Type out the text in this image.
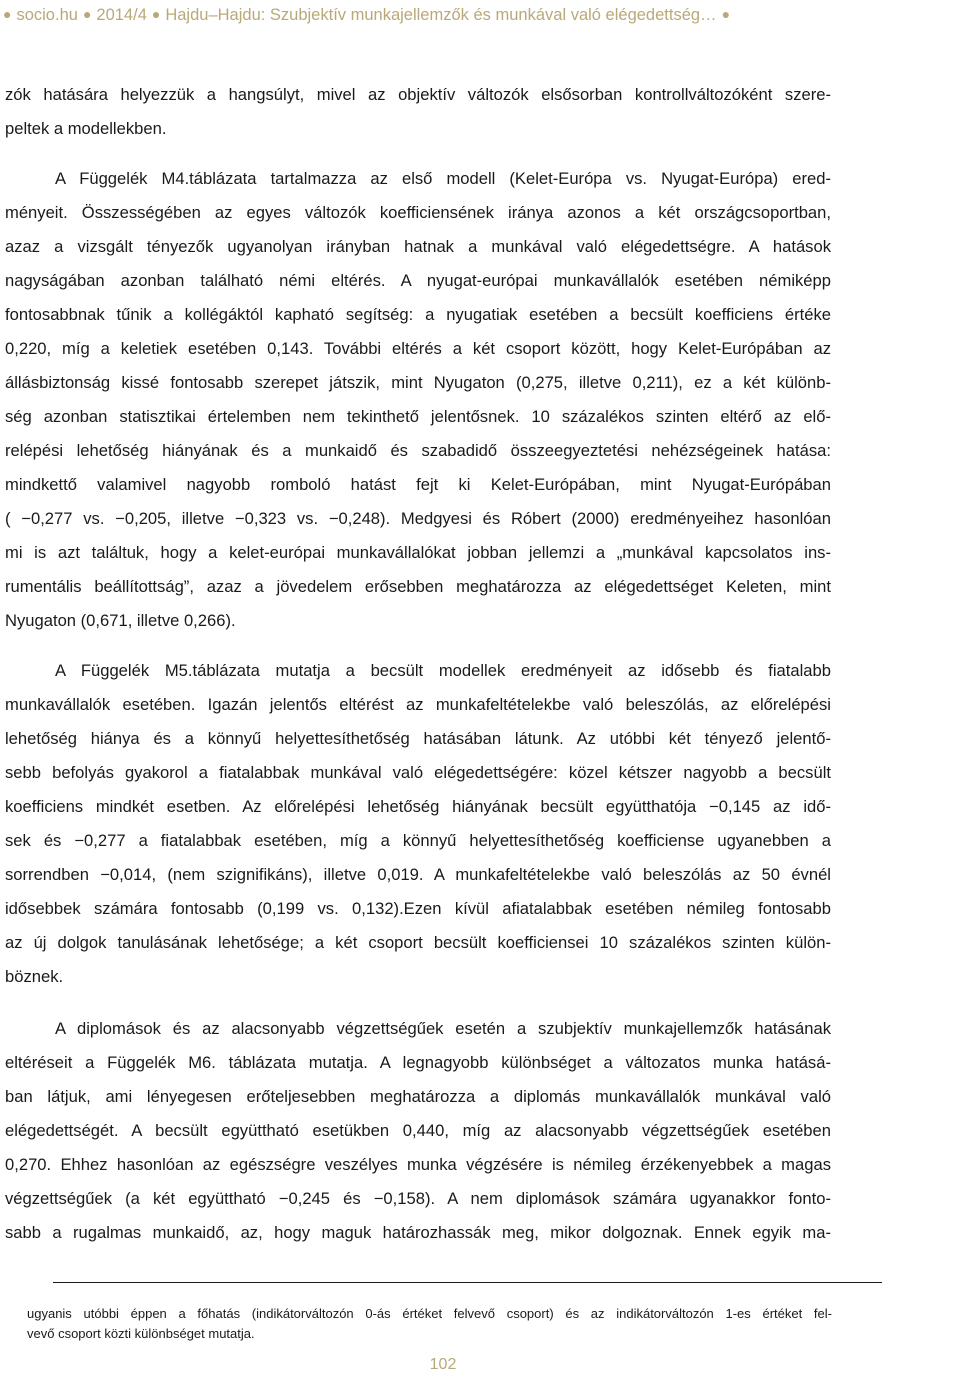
● socio.hu ● 2014/4 ● Hajdu–Hajdu: Szubjektív munkajellemzők és munkával való elégedettség… ●
zók hatására helyezzük a hangsúlyt, mivel az objektív változók elsősorban kontrollváltozóként szere-
peltek a modellekben.
A Függelék M4.táblázata tartalmazza az első modell (Kelet-Európa vs. Nyugat-Európa) ered-
ményeit. Összességében az egyes változók koefficiensének iránya azonos a két országcsoportban,
azaz a vizsgált tényezők ugyanolyan irányban hatnak a munkával való elégedettségre. A hatások
nagyságában azonban található némi eltérés. A nyugat-európai munkavállalók esetében némiképp
fontosabbnak tűnik a kollégáktól kapható segítség: a nyugatiak esetében a becsült koefficiens értéke
0,220, míg a keletiek esetében 0,143. További eltérés a két csoport között, hogy Kelet-Európában az
állásbiztonság kissé fontosabb szerepet játszik, mint Nyugaton (0,275, illetve 0,211), ez a két különb-
ség azonban statisztikai értelemben nem tekinthető jelentősnek. 10 százalékos szinten eltérő az elő-
relépési lehetőség hiányának és a munkaidő és szabadidő összeegyeztetési nehézségeinek hatása:
mindkettő valamivel nagyobb romboló hatást fejt ki Kelet-Európában, mint Nyugat-Európában
( −0,277 vs. −0,205, illetve −0,323 vs. −0,248). Medgyesi és Róbert (2000) eredményeihez hasonlóan
mi is azt találtuk, hogy a kelet-európai munkavállalókat jobban jellemzi a „munkával kapcsolatos ins-
rumentális beállítottság”, azaz a jövedelem erősebben meghatározza az elégedettséget Keleten, mint
Nyugaton (0,671, illetve 0,266).
A Függelék M5.táblázata mutatja a becsült modellek eredményeit az idősebb és fiatalabb
munkavállalók esetében. Igazán jelentős eltérést az munkafeltételekbe való beleszólás, az előrelépési
lehetőség hiánya és a könnyű helyettesíthetőség hatásában látunk. Az utóbbi két tényező jelentő-
sebb befolyás gyakorol a fiatalabbak munkával való elégedettségére: közel kétszer nagyobb a becsült
koefficiens mindkét esetben. Az előrelépési lehetőség hiányának becsült együtthatója −0,145 az idő-
sek és −0,277 a fiatalabbak esetében, míg a könnyű helyettesíthetőség koefficiense ugyanebben a
sorrendben −0,014, (nem szignifikáns), illetve 0,019. A munkafeltételekbe való beleszólás az 50 évnél
idősebbek számára fontosabb (0,199 vs. 0,132).Ezen kívül afiatalabbak esetében némileg fontosabb
az új dolgok tanulásának lehetősége; a két csoport becsült koefficiensei 10 százalékos szinten külön-
böznek.
A diplomások és az alacsonyabb végzettségűek esetén a szubjektív munkajellemzők hatásának
eltéréseit a Függelék M6. táblázata mutatja. A legnagyobb különbséget a változatos munka hatásá-
ban látjuk, ami lényegesen erőteljesebben meghatározza a diplomás munkavállalók munkával való
elégedettségét. A becsült együttható esetükben 0,440, míg az alacsonyabb végzettségűek esetében
0,270. Ehhez hasonlóan az egészségre veszélyes munka végzésére is némileg érzékenyebbek a magas
végzettségűek (a két együttható −0,245 és −0,158). A nem diplomások számára ugyanakkor fonto-
sabb a rugalmas munkaidő, az, hogy maguk határozhassák meg, mikor dolgoznak. Ennek egyik ma-
ugyanis utóbbi éppen a főhatás (indikátorváltozón 0-ás értéket felvevő csoport) és az indikátorváltozón 1-es értéket fel-
vevő csoport közti különbséget mutatja.
102
